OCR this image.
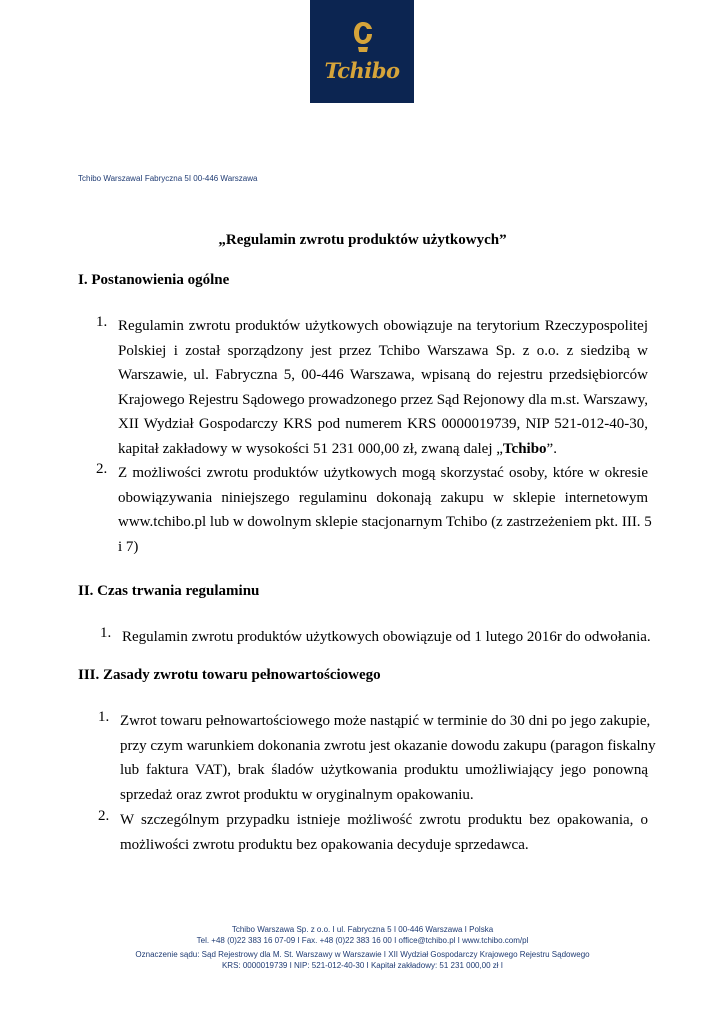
Tchibo
Tchibo WarszawaI Fabryczna 5I 00-446 Warszawa
„Regulamin zwrotu produktów użytkowych”
I. Postanowienia ogólne
1. Regulamin zwrotu produktów użytkowych obowiązuje na terytorium Rzeczypospolitej
Polskiej i został sporządzony jest przez Tchibo Warszawa Sp. z o.o. z siedzibą w
Warszawie, ul. Fabryczna 5, 00-446 Warszawa, wpisaną do rejestru przedsiębiorców
Krajowego Rejestru Sądowego prowadzonego przez Sąd Rejonowy dla m.st. Warszawy,
XII Wydział Gospodarczy KRS pod numerem KRS 0000019739, NIP 521-012-40-30,
kapitał zakładowy w wysokości 51 231 000,00 zł, zwaną dalej „Tchibo”.
2. Z możliwości zwrotu produktów użytkowych mogą skorzystać osoby, które w okresie
obowiązywania niniejszego regulaminu dokonają zakupu w sklepie internetowym
www.tchibo.pl lub w dowolnym sklepie stacjonarnym Tchibo (z zastrzeżeniem pkt. III. 5
i 7)
II. Czas trwania regulaminu
1. Regulamin zwrotu produktów użytkowych obowiązuje od 1 lutego 2016r do odwołania.
III. Zasady zwrotu towaru pełnowartościowego
1. Zwrot towaru pełnowartościowego może nastąpić w terminie do 30 dni po jego zakupie,
przy czym warunkiem dokonania zwrotu jest okazanie dowodu zakupu (paragon fiskalny
lub faktura VAT), brak śladów użytkowania produktu umożliwiający jego ponowną
sprzedaż oraz zwrot produktu w oryginalnym opakowaniu.
2. W szczególnym przypadku istnieje możliwość zwrotu produktu bez opakowania, o
możliwości zwrotu produktu bez opakowania decyduje sprzedawca.
Tchibo Warszawa Sp. z o.o. I ul. Fabryczna 5 I 00-446 Warszawa I Polska
Tel. +48 (0)22 383 16 07-09 I Fax. +48 (0)22 383 16 00 I office@tchibo.pl I www.tchibo.com/pl
Oznaczenie sądu: Sąd Rejestrowy dla M. St. Warszawy w Warszawie I XII Wydział Gospodarczy Krajowego Rejestru Sądowego
KRS: 0000019739 I NIP: 521-012-40-30 I Kapitał zakładowy: 51 231 000,00 zł I
